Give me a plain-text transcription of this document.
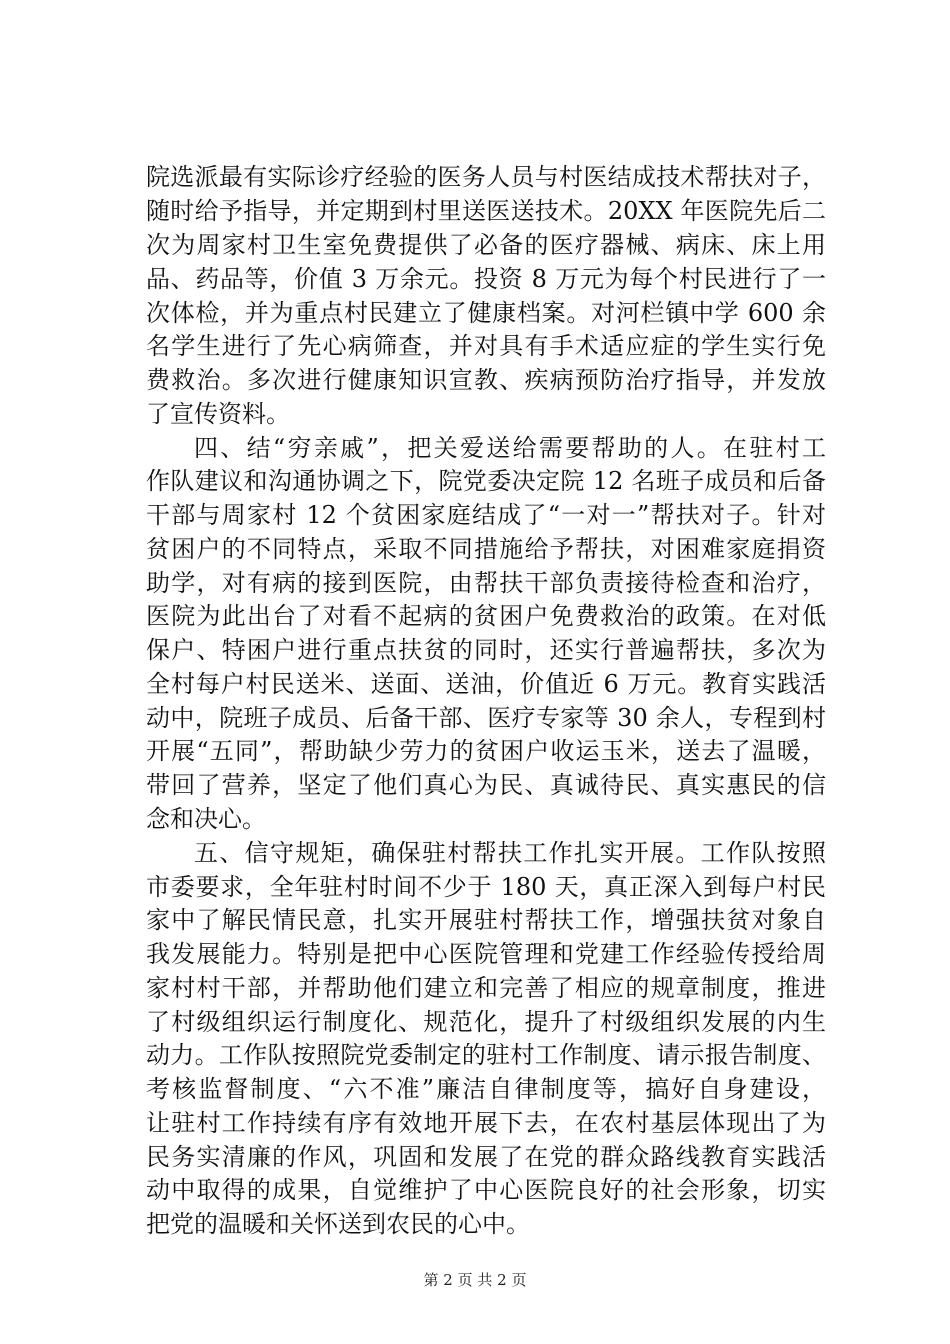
院选派最有实际诊疗经验的医务人员与村医结成技术帮扶对子，
随时给予指导，并定期到村里送医送技术。20XX 年医院先后二
次为周家村卫生室免费提供了必备的医疗器械、病床、床上用
品、药品等，价值 3 万余元。投资 8 万元为每个村民进行了一
次体检，并为重点村民建立了健康档案。对河栏镇中学 600 余
名学生进行了先心病筛查，并对具有手术适应症的学生实行免
费救治。多次进行健康知识宣教、疾病预防治疗指导，并发放
了宣传资料。
四、结“穷亲戚”，把关爱送给需要帮助的人。在驻村工
作队建议和沟通协调之下，院党委决定院 12 名班子成员和后备
干部与周家村 12 个贫困家庭结成了“一对一”帮扶对子。针对
贫困户的不同特点，采取不同措施给予帮扶，对困难家庭捐资
助学，对有病的接到医院，由帮扶干部负责接待检查和治疗，
医院为此出台了对看不起病的贫困户免费救治的政策。在对低
保户、特困户进行重点扶贫的同时，还实行普遍帮扶，多次为
全村每户村民送米、送面、送油，价值近 6 万元。教育实践活
动中，院班子成员、后备干部、医疗专家等 30 余人，专程到村
开展“五同”，帮助缺少劳力的贫困户收运玉米，送去了温暖，
带回了营养，坚定了他们真心为民、真诚待民、真实惠民的信
念和决心。
五、信守规矩，确保驻村帮扶工作扎实开展。工作队按照
市委要求，全年驻村时间不少于 180 天，真正深入到每户村民
家中了解民情民意，扎实开展驻村帮扶工作，增强扶贫对象自
我发展能力。特别是把中心医院管理和党建工作经验传授给周
家村村干部，并帮助他们建立和完善了相应的规章制度，推进
了村级组织运行制度化、规范化，提升了村级组织发展的内生
动力。工作队按照院党委制定的驻村工作制度、请示报告制度、
考核监督制度、“六不准”廉洁自律制度等，搞好自身建设，
让驻村工作持续有序有效地开展下去，在农村基层体现出了为
民务实清廉的作风，巩固和发展了在党的群众路线教育实践活
动中取得的成果，自觉维护了中心医院良好的社会形象，切实
把党的温暖和关怀送到农民的心中。
第 2 页 共 2 页
